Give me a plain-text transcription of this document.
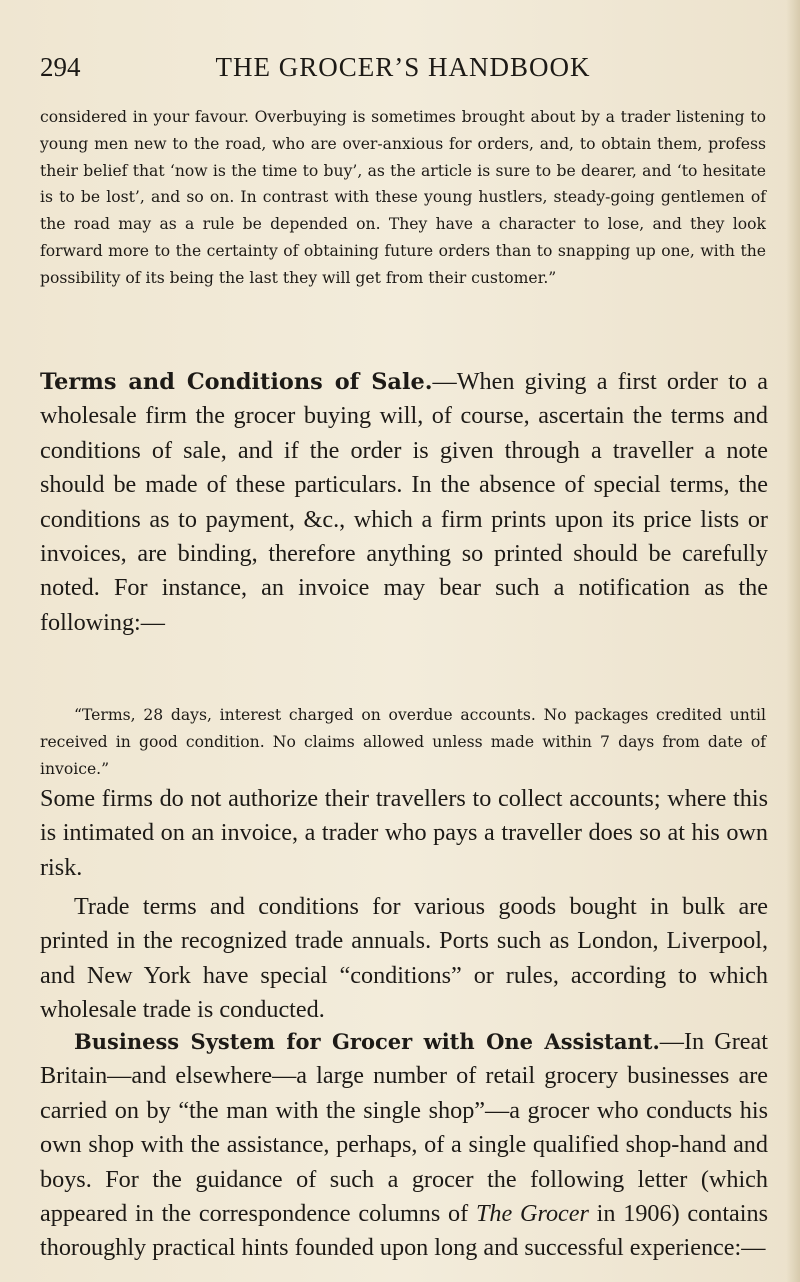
294	THE GROCER’S HANDBOOK
considered in your favour. Overbuying is sometimes brought about by a trader listening to young men new to the road, who are over-anxious for orders, and, to obtain them, profess their belief that ‘now is the time to buy’, as the article is sure to be dearer, and ‘to hesitate is to be lost’, and so on. In contrast with these young hustlers, steady-going gentlemen of the road may as a rule be depended on. They have a character to lose, and they look forward more to the certainty of obtaining future orders than to snapping up one, with the possibility of its being the last they will get from their customer.”
Terms and Conditions of Sale.—When giving a first order to a wholesale firm the grocer buying will, of course, ascertain the terms and conditions of sale, and if the order is given through a traveller a note should be made of these particulars. In the absence of special terms, the conditions as to payment, &c., which a firm prints upon its price lists or invoices, are binding, therefore anything so printed should be carefully noted. For instance, an invoice may bear such a notification as the following:—
“Terms, 28 days, interest charged on overdue accounts. No packages credited until received in good condition. No claims allowed unless made within 7 days from date of invoice.”
Some firms do not authorize their travellers to collect accounts; where this is intimated on an invoice, a trader who pays a traveller does so at his own risk.
Trade terms and conditions for various goods bought in bulk are printed in the recognized trade annuals. Ports such as London, Liverpool, and New York have special “conditions” or rules, according to which wholesale trade is conducted.
Business System for Grocer with One Assistant.—In Great Britain—and elsewhere—a large number of retail grocery businesses are carried on by “the man with the single shop”—a grocer who conducts his own shop with the assistance, perhaps, of a single qualified shop-hand and boys. For the guidance of such a grocer the following letter (which appeared in the correspondence columns of The Grocer in 1906) contains thoroughly practical hints founded upon long and successful experience:—
